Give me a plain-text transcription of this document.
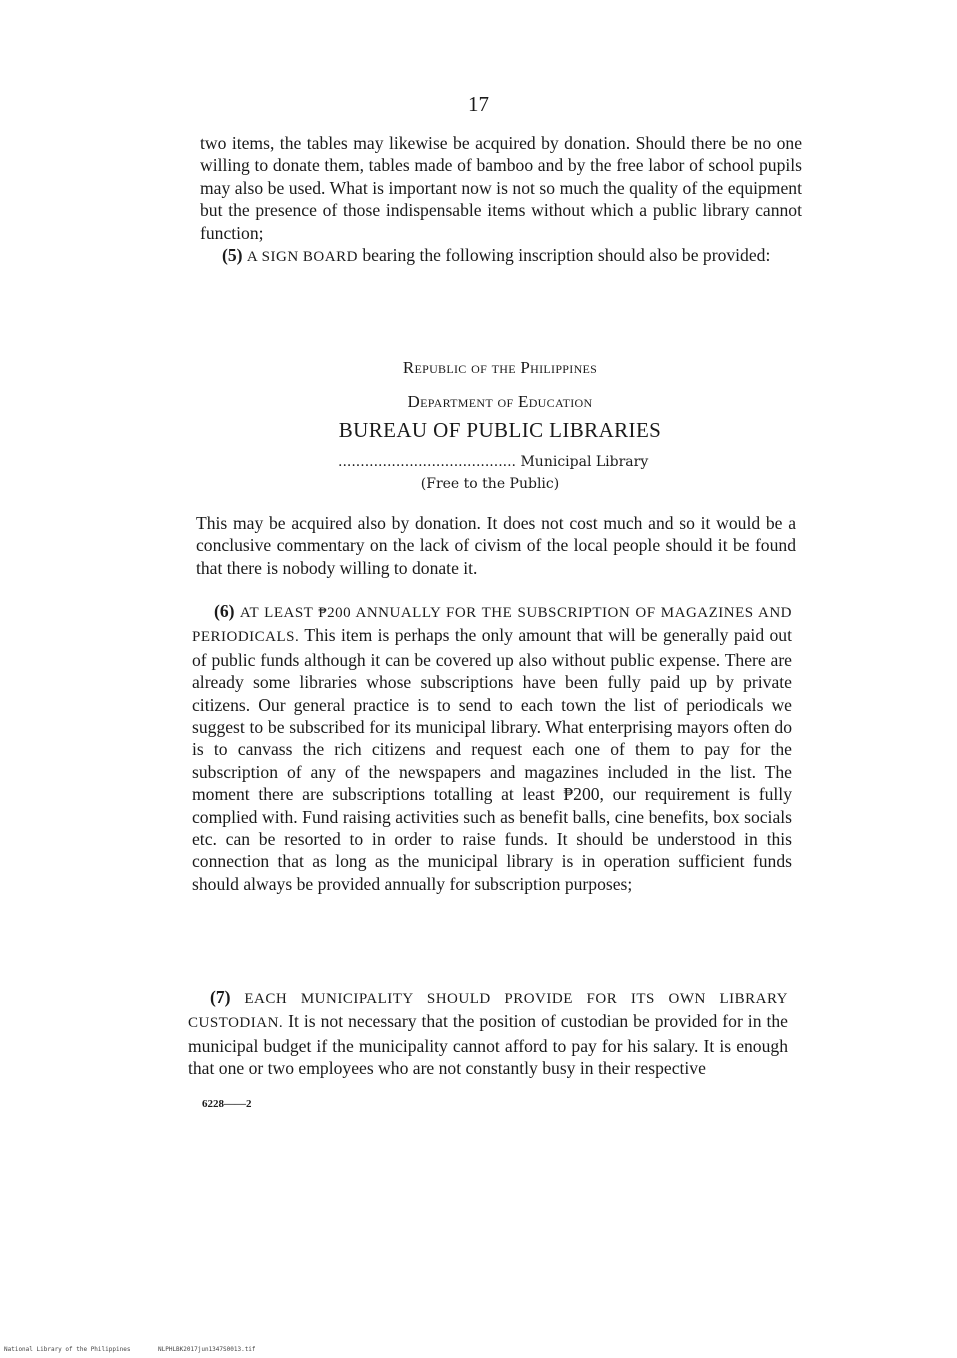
17

two items, the tables may likewise be acquired by donation. Should there be no one willing to donate them, tables made of bamboo and by the free labor of school pupils may also be used. What is important now is not so much the quality of the equipment but the presence of those indispensable items without which a public library cannot function;

(5) A SIGN BOARD bearing the following inscription should also be provided:

Republic of the Philippines
Department of Education
BUREAU OF PUBLIC LIBRARIES
........................................ Municipal Library
(Free to the Public)

This may be acquired also by donation. It does not cost much and so it would be a conclusive commentary on the lack of civism of the local people should it be found that there is nobody willing to donate it.

(6) AT LEAST ₱200 ANNUALLY FOR THE SUBSCRIPTION OF MAGAZINES AND PERIODICALS. This item is perhaps the only amount that will be generally paid out of public funds although it can be covered up also without public expense. There are already some libraries whose subscriptions have been fully paid up by private citizens. Our general practice is to send to each town the list of periodicals we suggest to be subscribed for its municipal library. What enterprising mayors often do is to canvass the rich citizens and request each one of them to pay for the subscription of any of the newspapers and magazines included in the list. The moment there are subscriptions totalling at least ₱200, our requirement is fully complied with. Fund raising activities such as benefit balls, cine benefits, box socials etc. can be resorted to in order to raise funds. It should be understood in this connection that as long as the municipal library is in operation sufficient funds should always be provided annually for subscription purposes;

(7) EACH MUNICIPALITY SHOULD PROVIDE FOR ITS OWN LIBRARY CUSTODIAN. It is not necessary that the position of custodian be provided for in the municipal budget if the municipality cannot afford to pay for his salary. It is enough that one or two employees who are not constantly busy in their respective

6228——2
National Library of the Philippines	NLPHLBK2017jun1347S0013.tif
